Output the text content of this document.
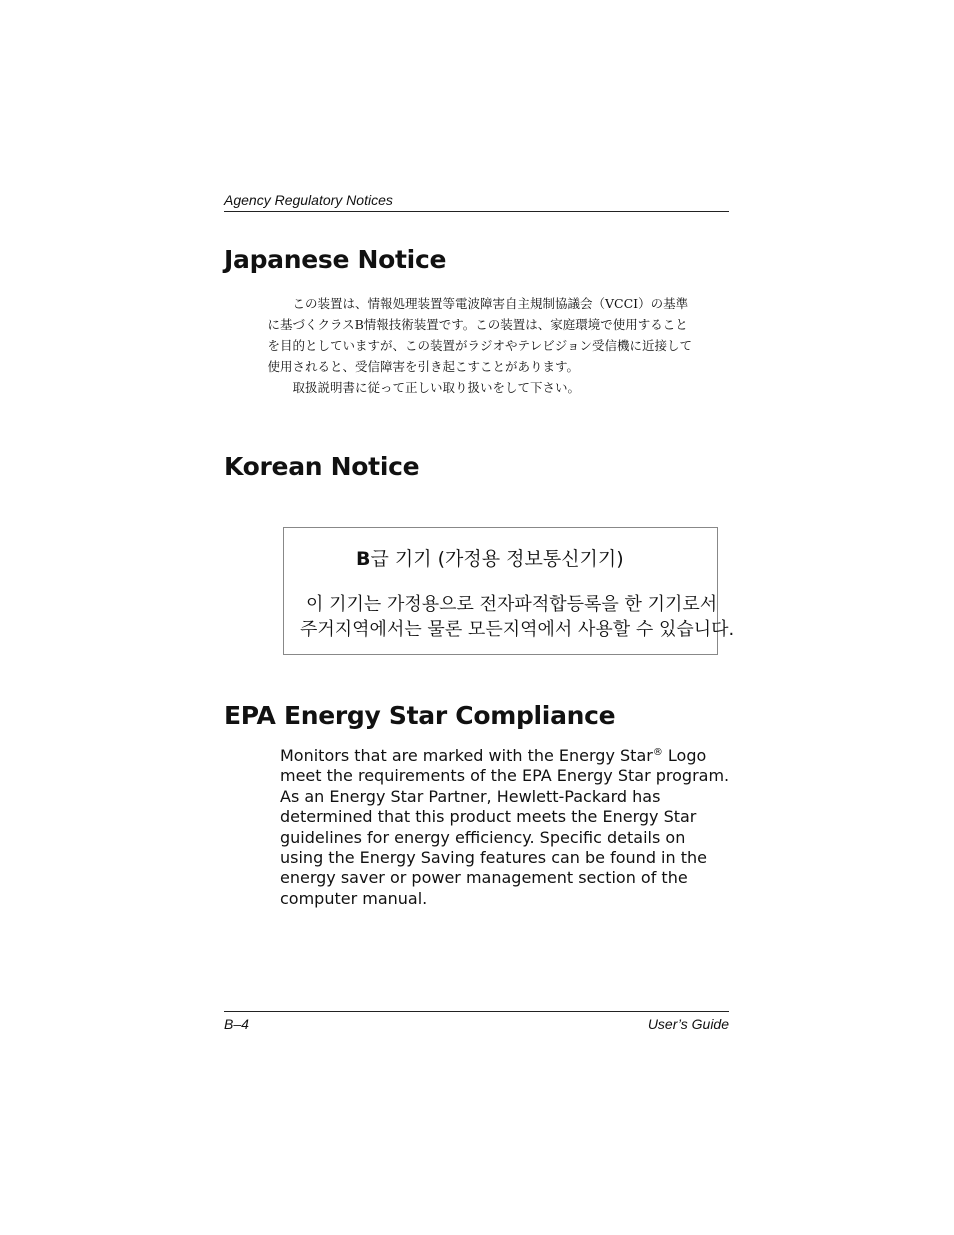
Agency Regulatory Notices
Japanese Notice

この装置は、情報処理装置等電波障害自主規制協議会（VCCI）の基準
に基づくクラスB情報技術装置です。この装置は、家庭環境で使用すること
を目的としていますが、この装置がラジオやテレビジョン受信機に近接して
使用されると、受信障害を引き起こすことがあります。

取扱説明書に従って正しい取り扱いをして下さい。

Korean Notice
B급 기기 (가정용 정보통신기기)
이 기기는 가정용으로 전자파적합등록을 한 기기로서
주거지역에서는 물론 모든지역에서 사용할 수 있습니다.
EPA Energy Star Compliance
Monitors that are marked with the Energy Star® Logo meet the requirements of the EPA Energy Star program. As an Energy Star Partner, Hewlett-Packard has determined that this product meets the Energy Star guidelines for energy efficiency. Specific details on using the Energy Saving features can be found in the energy saver or power management section of the computer manual.
B–4	User’s Guide
